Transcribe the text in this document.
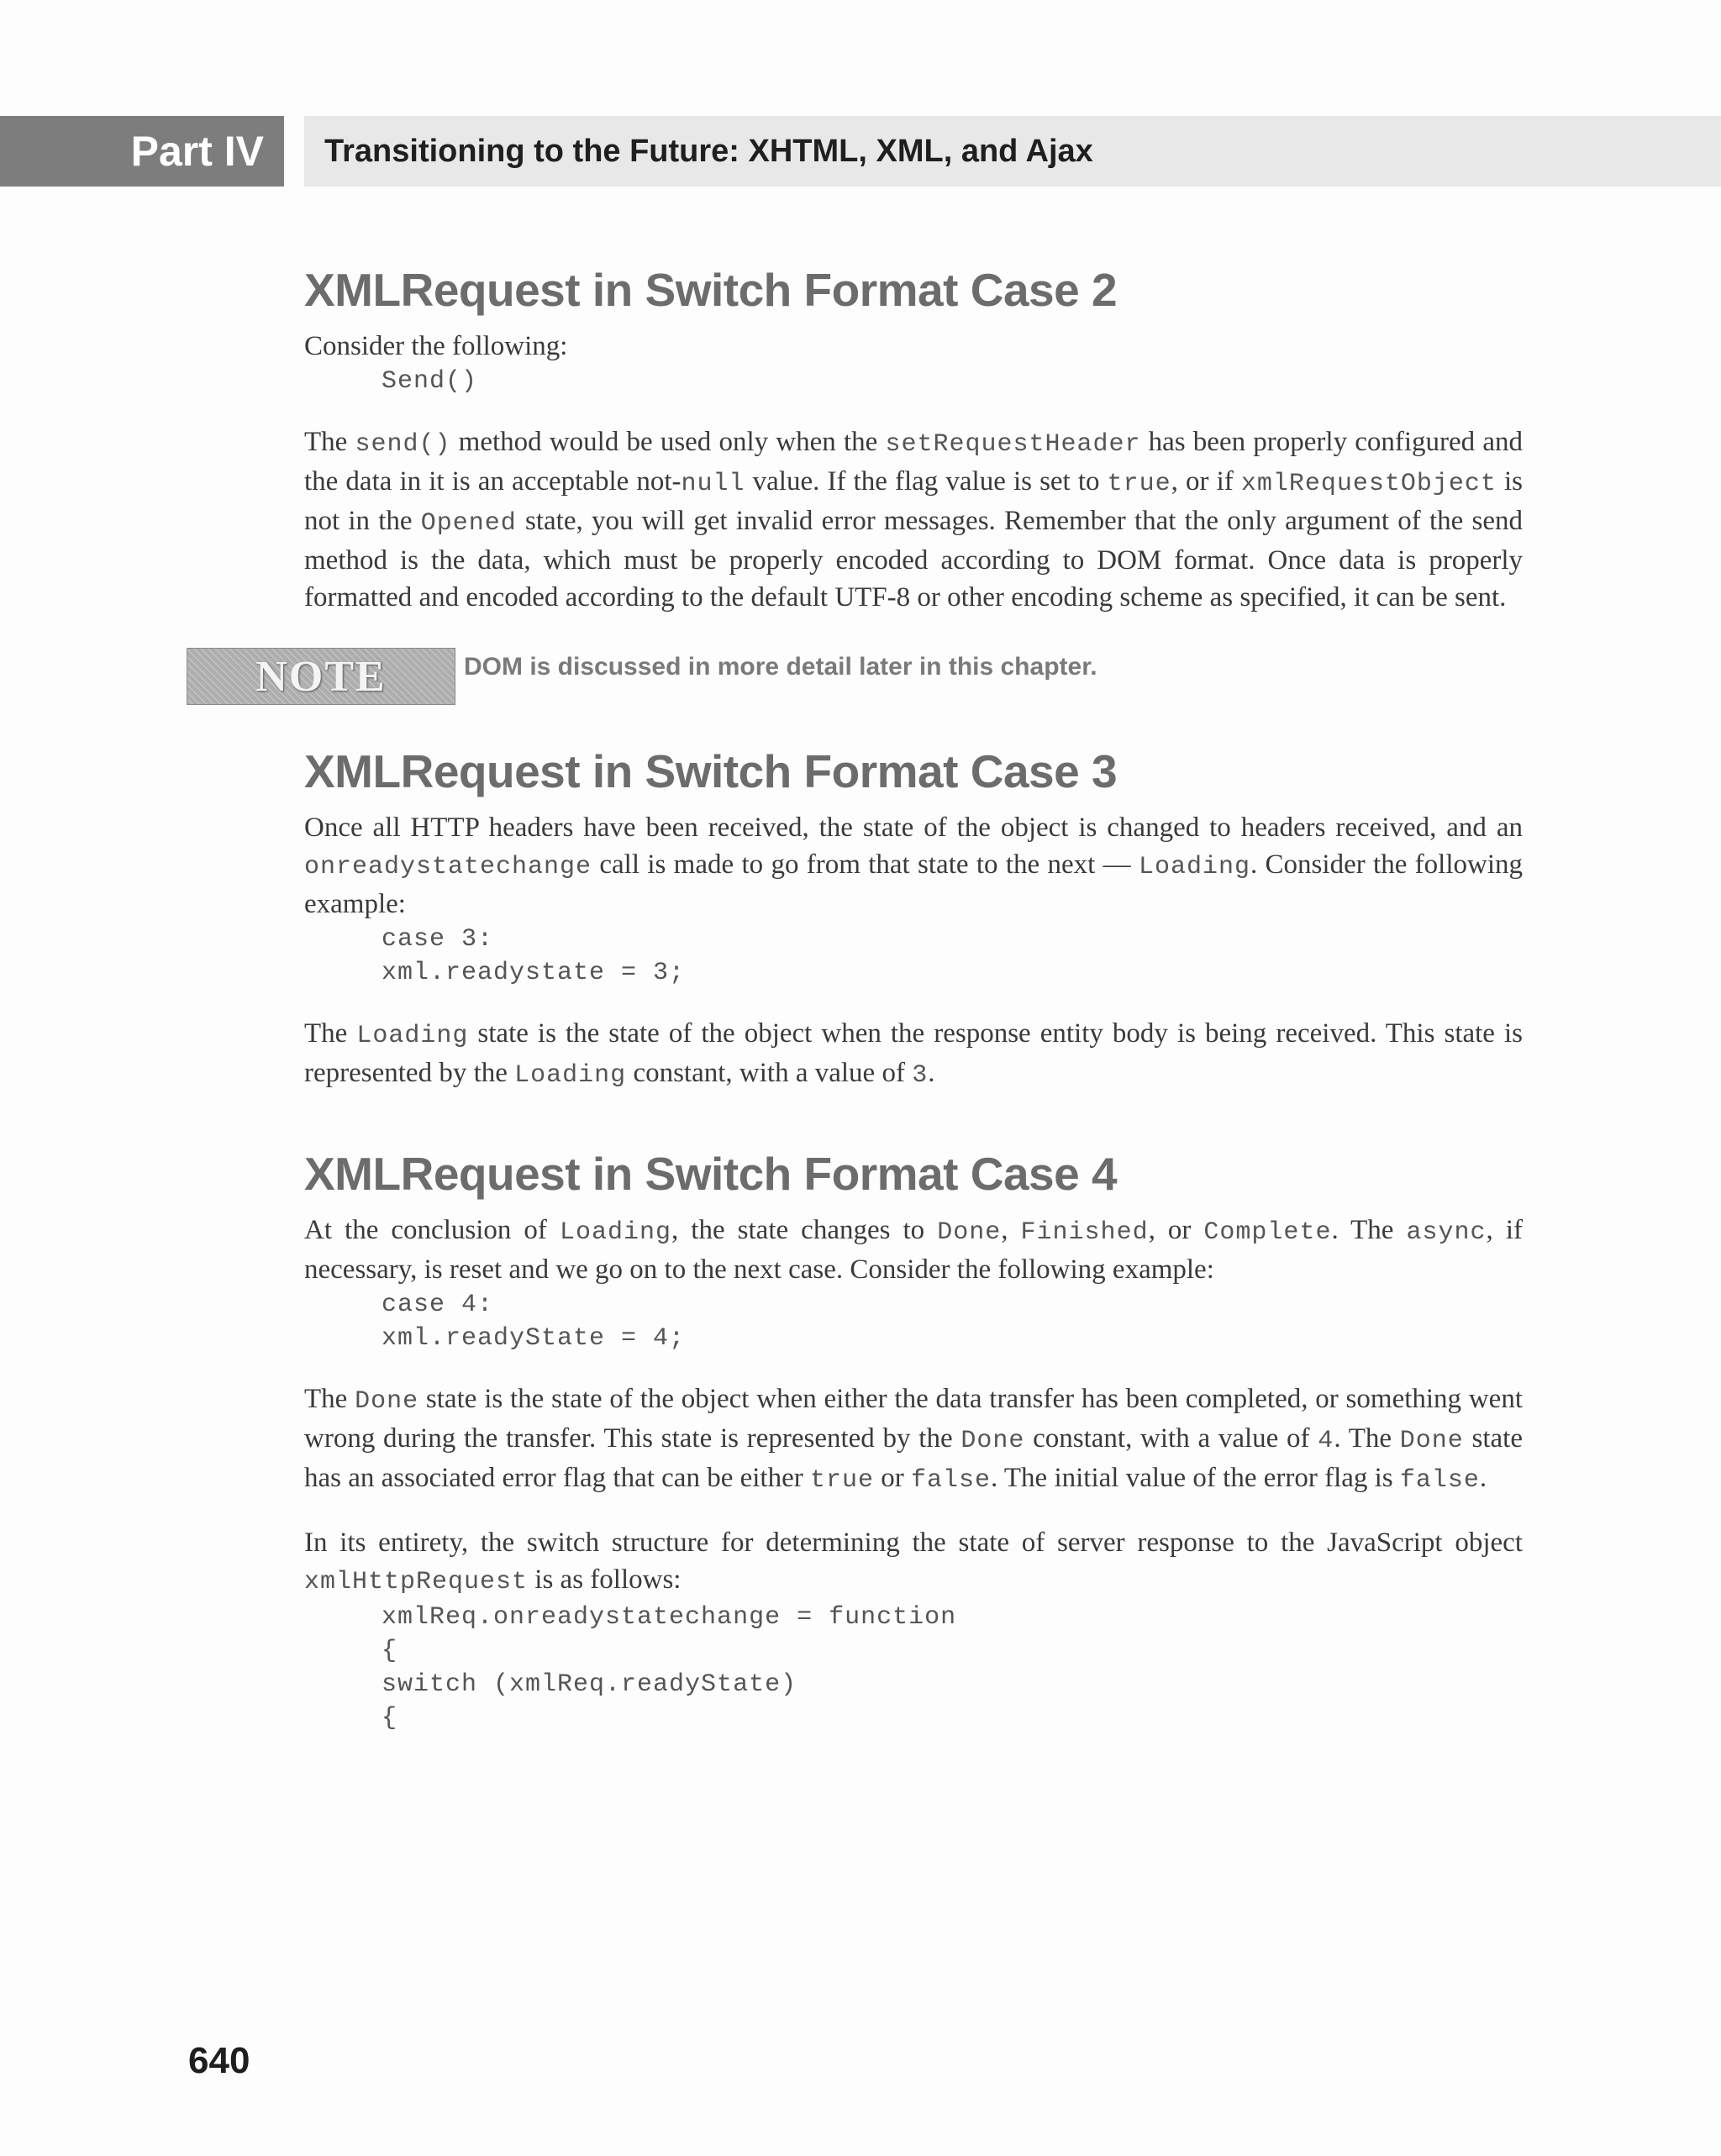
Part IV	Transitioning to the Future: XHTML, XML, and Ajax
XMLRequest in Switch Format Case 2

Consider the following:

Send()

The send() method would be used only when the setRequestHeader has been properly configured and the data in it is an acceptable not-null value. If the flag value is set to true, or if xmlRequestObject is not in the Opened state, you will get invalid error messages. Remember that the only argument of the send method is the data, which must be properly encoded according to DOM format. Once data is properly formatted and encoded according to the default UTF-8 or other encoding scheme as specified, it can be sent.

NOTE	DOM is discussed in more detail later in this chapter.
XMLRequest in Switch Format Case 3

Once all HTTP headers have been received, the state of the object is changed to headers received, and an onreadystatechange call is made to go from that state to the next — Loading. Consider the following example:

case 3:
xml.readystate = 3;

The Loading state is the state of the object when the response entity body is being received. This state is represented by the Loading constant, with a value of 3.

XMLRequest in Switch Format Case 4

At the conclusion of Loading, the state changes to Done, Finished, or Complete. The async, if necessary, is reset and we go on to the next case. Consider the following example:

case 4:
xml.readyState = 4;

The Done state is the state of the object when either the data transfer has been completed, or something went wrong during the transfer. This state is represented by the Done constant, with a value of 4. The Done state has an associated error flag that can be either true or false. The initial value of the error flag is false.

In its entirety, the switch structure for determining the state of server response to the JavaScript object xmlHttpRequest is as follows:

xmlReq.onreadystatechange = function
{
switch (xmlReq.readyState)
{
640
